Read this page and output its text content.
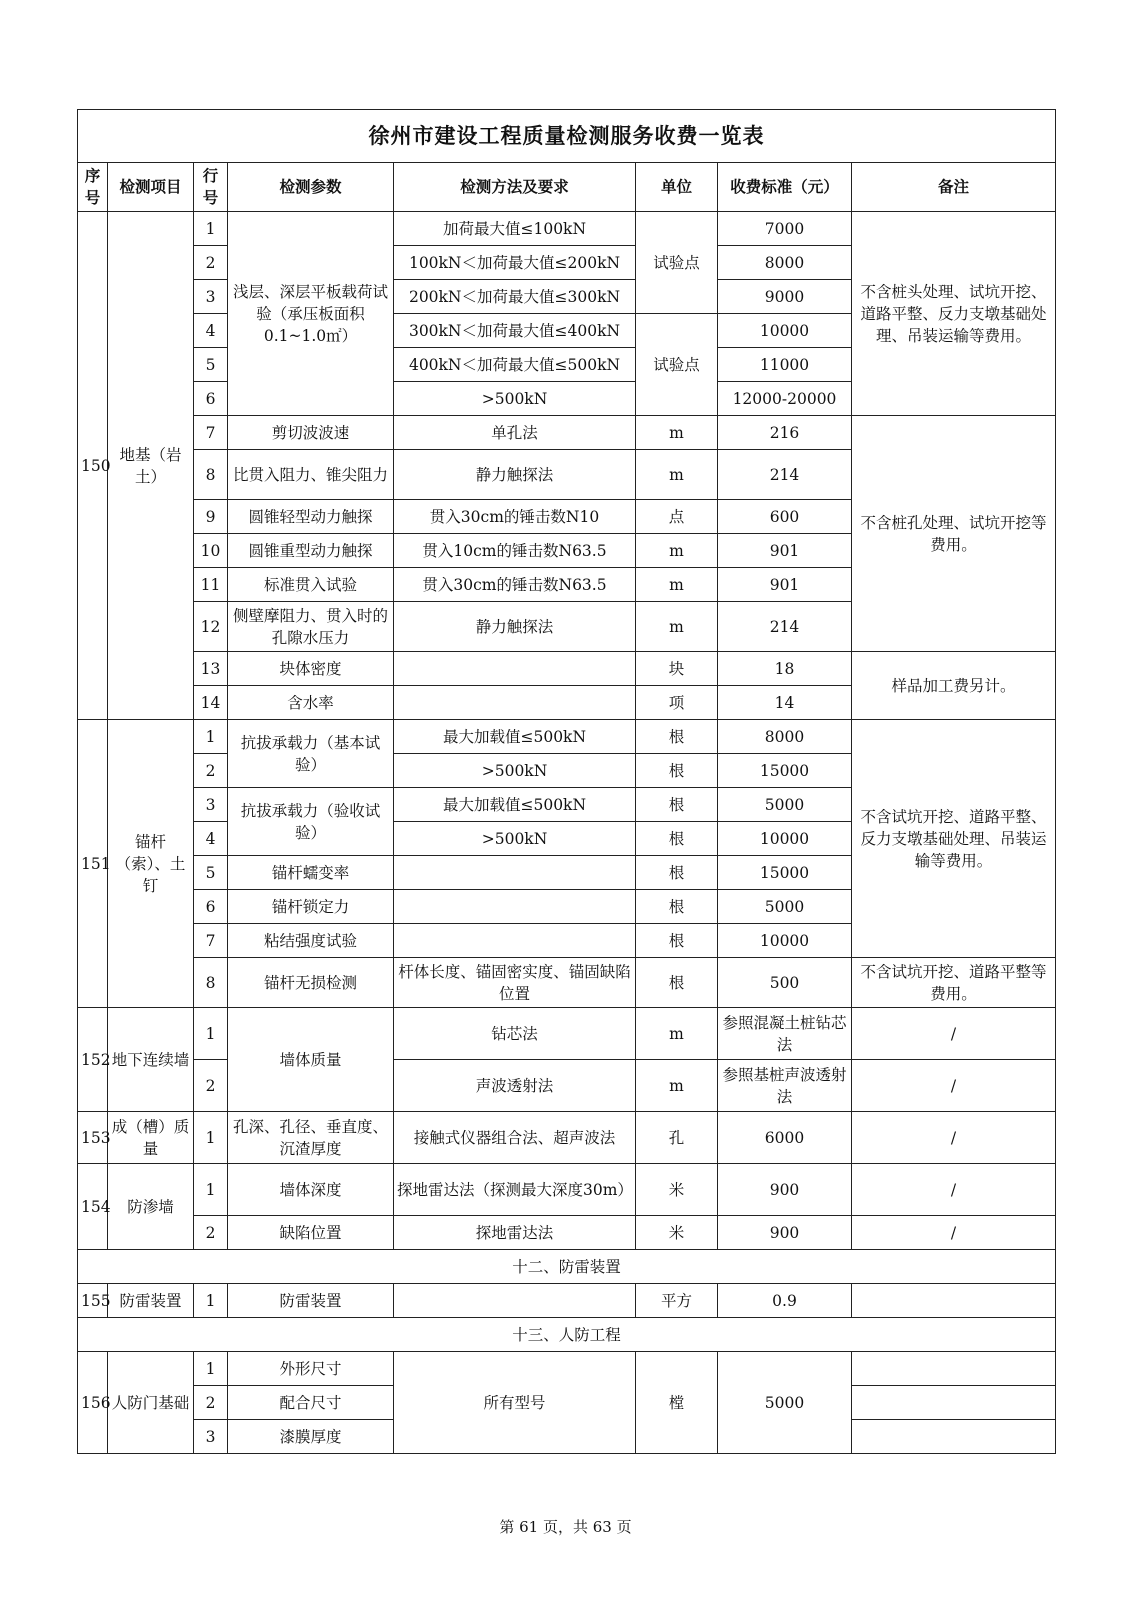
徐州市建设工程质量检测服务收费一览表							
序号	检测项目	行号	检测参数	检测方法及要求	单位	收费标准（元）	备注
150	地基（岩土）	1	浅层、深层平板载荷试验（承压板面积0.1~1.0㎡）	加荷最大值≤100kN	试验点	7000	不含桩头处理、试坑开挖、道路平整、反力支墩基础处理、吊装运输等费用。
		2		100kN＜加荷最大值≤200kN		8000	
		3		200kN＜加荷最大值≤300kN		9000	
		4		300kN＜加荷最大值≤400kN	试验点	10000	
		5		400kN＜加荷最大值≤500kN		11000	
		6		>500kN		12000-20000	
		7	剪切波波速	单孔法	m	216	不含桩孔处理、试坑开挖等费用。
		8	比贯入阻力、锥尖阻力	静力触探法	m	214	
		9	圆锥轻型动力触探	贯入30cm的锤击数N10	点	600	
		10	圆锥重型动力触探	贯入10cm的锤击数N63.5	m	901	
		11	标准贯入试验	贯入30cm的锤击数N63.5	m	901	
		12	侧壁摩阻力、贯入时的孔隙水压力	静力触探法	m	214	
		13	块体密度		块	18	样品加工费另计。
		14	含水率		项	14	
151	锚杆（索）、土钉	1	抗拔承载力（基本试验）	最大加载值≤500kN	根	8000	不含试坑开挖、道路平整、反力支墩基础处理、吊装运输等费用。
		2		>500kN	根	15000	
		3	抗拔承载力（验收试验）	最大加载值≤500kN	根	5000	
		4		>500kN	根	10000	
		5	锚杆蠕变率		根	15000	
		6	锚杆锁定力		根	5000	
		7	粘结强度试验		根	10000	
		8	锚杆无损检测	杆体长度、锚固密实度、锚固缺陷位置	根	500	不含试坑开挖、道路平整等费用。
152	地下连续墙	1	墙体质量	钻芯法	m	参照混凝土桩钻芯法	/
		2		声波透射法	m	参照基桩声波透射法	/
153	成（槽）质量	1	孔深、孔径、垂直度、沉渣厚度	接触式仪器组合法、超声波法	孔	6000	/
154	防渗墙	1	墙体深度	探地雷达法（探测最大深度30m）	米	900	/
		2	缺陷位置	探地雷达法	米	900	/
十二、防雷装置							
155	防雷装置	1	防雷装置		平方	0.9	
十三、人防工程							
156	人防门基础	1	外形尺寸	所有型号	樘	5000	
		2	配合尺寸				
		3	漆膜厚度				
第 61 页，共 63 页
